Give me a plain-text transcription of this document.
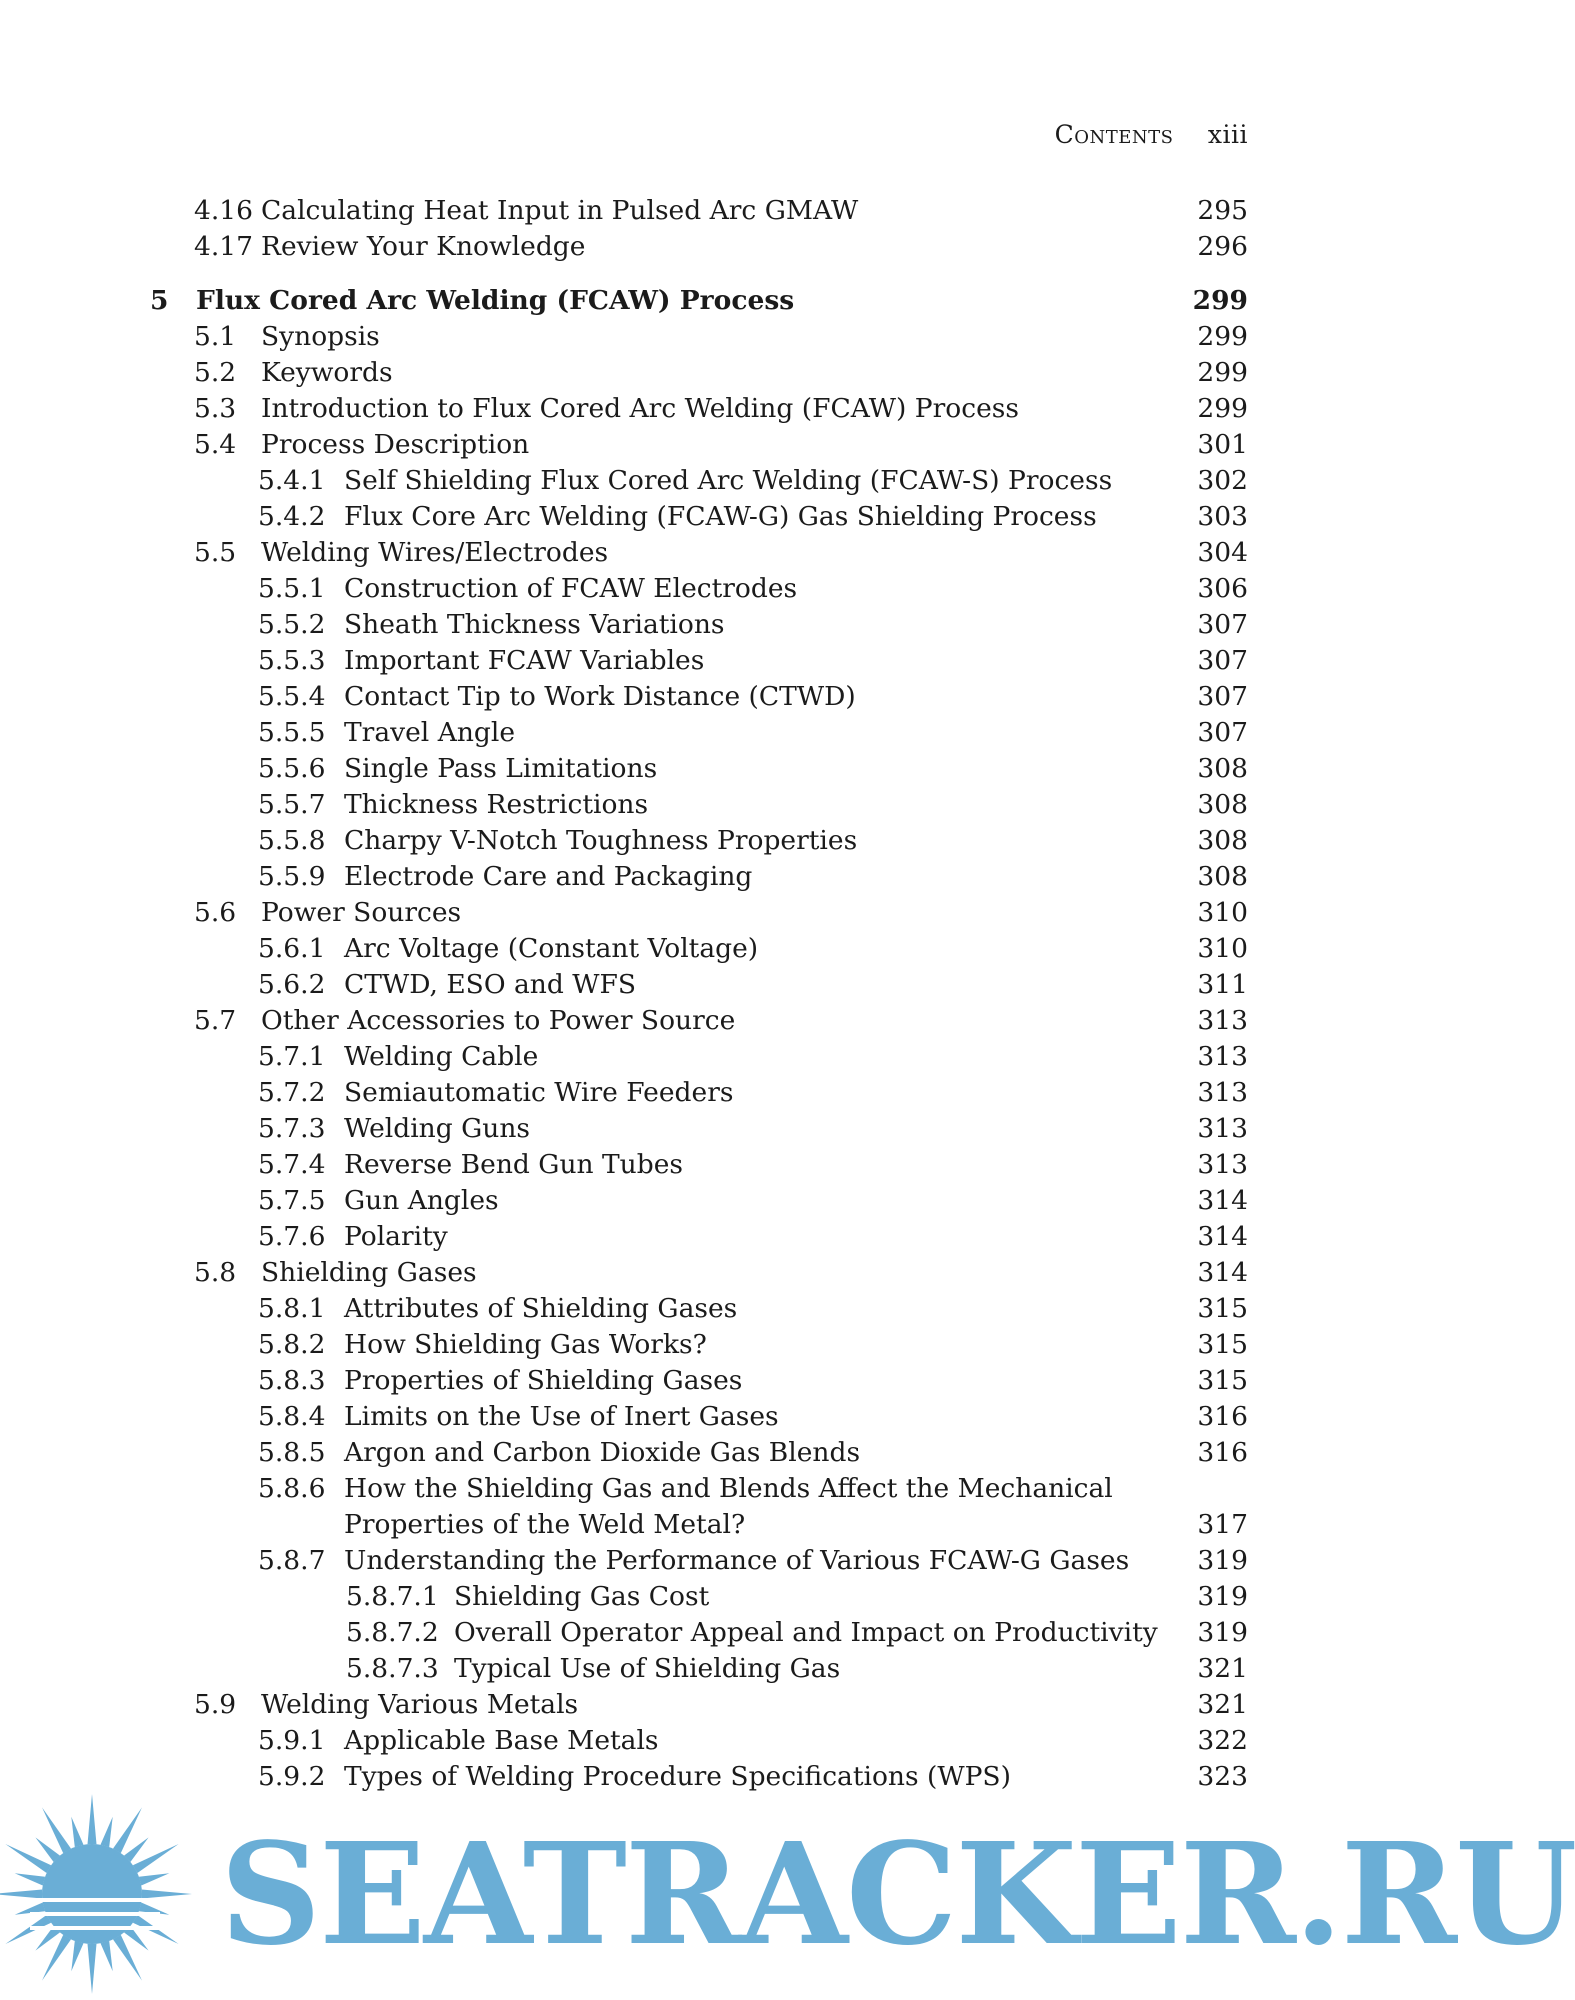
Contents xiii
4.16 Calculating Heat Input in Pulsed Arc GMAW	295
4.17 Review Your Knowledge	296
5 Flux Cored Arc Welding (FCAW) Process	299
5.1 Synopsis	299
5.2 Keywords	299
5.3 Introduction to Flux Cored Arc Welding (FCAW) Process	299
5.4 Process Description	301
5.4.1 Self Shielding Flux Cored Arc Welding (FCAW-S) Process	302
5.4.2 Flux Core Arc Welding (FCAW-G) Gas Shielding Process	303
5.5 Welding Wires/Electrodes	304
5.5.1 Construction of FCAW Electrodes	306
5.5.2 Sheath Thickness Variations	307
5.5.3 Important FCAW Variables	307
5.5.4 Contact Tip to Work Distance (CTWD)	307
5.5.5 Travel Angle	307
5.5.6 Single Pass Limitations	308
5.5.7 Thickness Restrictions	308
5.5.8 Charpy V-Notch Toughness Properties	308
5.5.9 Electrode Care and Packaging	308
5.6 Power Sources	310
5.6.1 Arc Voltage (Constant Voltage)	310
5.6.2 CTWD, ESO and WFS	311
5.7 Other Accessories to Power Source	313
5.7.1 Welding Cable	313
5.7.2 Semiautomatic Wire Feeders	313
5.7.3 Welding Guns	313
5.7.4 Reverse Bend Gun Tubes	313
5.7.5 Gun Angles	314
5.7.6 Polarity	314
5.8 Shielding Gases	314
5.8.1 Attributes of Shielding Gases	315
5.8.2 How Shielding Gas Works?	315
5.8.3 Properties of Shielding Gases	315
5.8.4 Limits on the Use of Inert Gases	316
5.8.5 Argon and Carbon Dioxide Gas Blends	316
5.8.6 How the Shielding Gas and Blends Affect the Mechanical
Properties of the Weld Metal?	317
5.8.7 Understanding the Performance of Various FCAW-G Gases	319
5.8.7.1 Shielding Gas Cost	319
5.8.7.2 Overall Operator Appeal and Impact on Productivity 319
5.8.7.3 Typical Use of Shielding Gas	321
5.9 Welding Various Metals	321
5.9.1 Applicable Base Metals	322
5.9.2 Types of Welding Procedure Specifications (WPS)	323
SEATRACKER.RU
